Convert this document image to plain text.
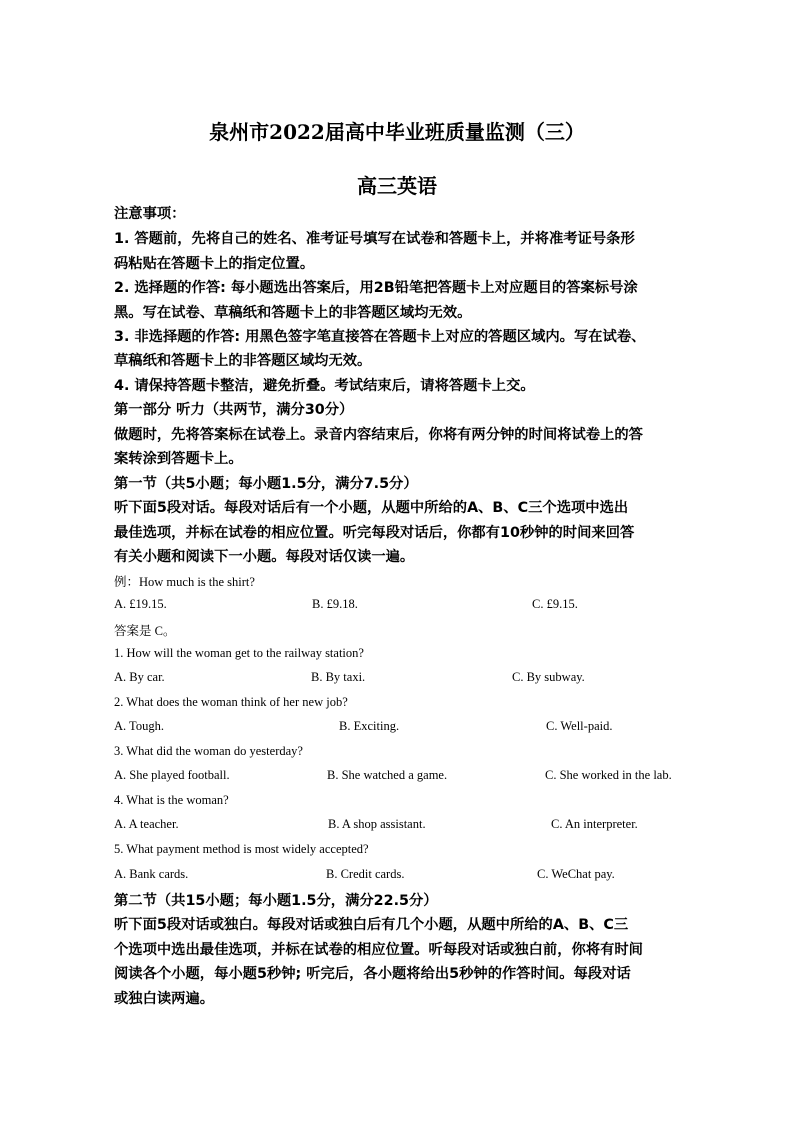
泉州市2022届高中毕业班质量监测（三）
高三英语
注意事项：
1. 答题前，先将自己的姓名、准考证号填写在试卷和答题卡上，并将准考证号条形
码粘贴在答题卡上的指定位置。
2. 选择题的作答: 每小题选出答案后，用2B铅笔把答题卡上对应题目的答案标号涂
黑。写在试卷、草稿纸和答题卡上的非答题区域均无效。
3. 非选择题的作答: 用黑色签字笔直接答在答题卡上对应的答题区域内。写在试卷、
草稿纸和答题卡上的非答题区域均无效。
4. 请保持答题卡整洁，避免折叠。考试结束后，请将答题卡上交。
第一部分 听力（共两节，满分30分）
做题时，先将答案标在试卷上。录音内容结束后，你将有两分钟的时间将试卷上的答
案转涂到答题卡上。
第一节（共5小题；每小题1.5分，满分7.5分）
听下面5段对话。每段对话后有一个小题，从题中所给的A、B、C三个选项中选出
最佳选项，并标在试卷的相应位置。听完每段对话后，你都有10秒钟的时间来回答
有关小题和阅读下一小题。每段对话仅读一遍。
例：How much is the shirt?
A. £19.15.	B. £9.18.	C. £9.15.
答案是 C。
1. How will the woman get to the railway station?
A. By car.	B. By taxi.	C. By subway.
2. What does the woman think of her new job?
A. Tough.	B. Exciting.	C. Well-paid.
3. What did the woman do yesterday?
A. She played football.	B. She watched a game.	C. She worked in the lab.
4. What is the woman?
A. A teacher.	B. A shop assistant.	C. An interpreter.
5. What payment method is most widely accepted?
A. Bank cards.	B. Credit cards.	C. WeChat pay.
第二节（共15小题；每小题1.5分，满分22.5分）
听下面5段对话或独白。每段对话或独白后有几个小题，从题中所给的A、B、C三
个选项中选出最佳选项，并标在试卷的相应位置。听每段对话或独白前，你将有时间
阅读各个小题，每小题5秒钟; 听完后，各小题将给出5秒钟的作答时间。每段对话
或独白读两遍。
